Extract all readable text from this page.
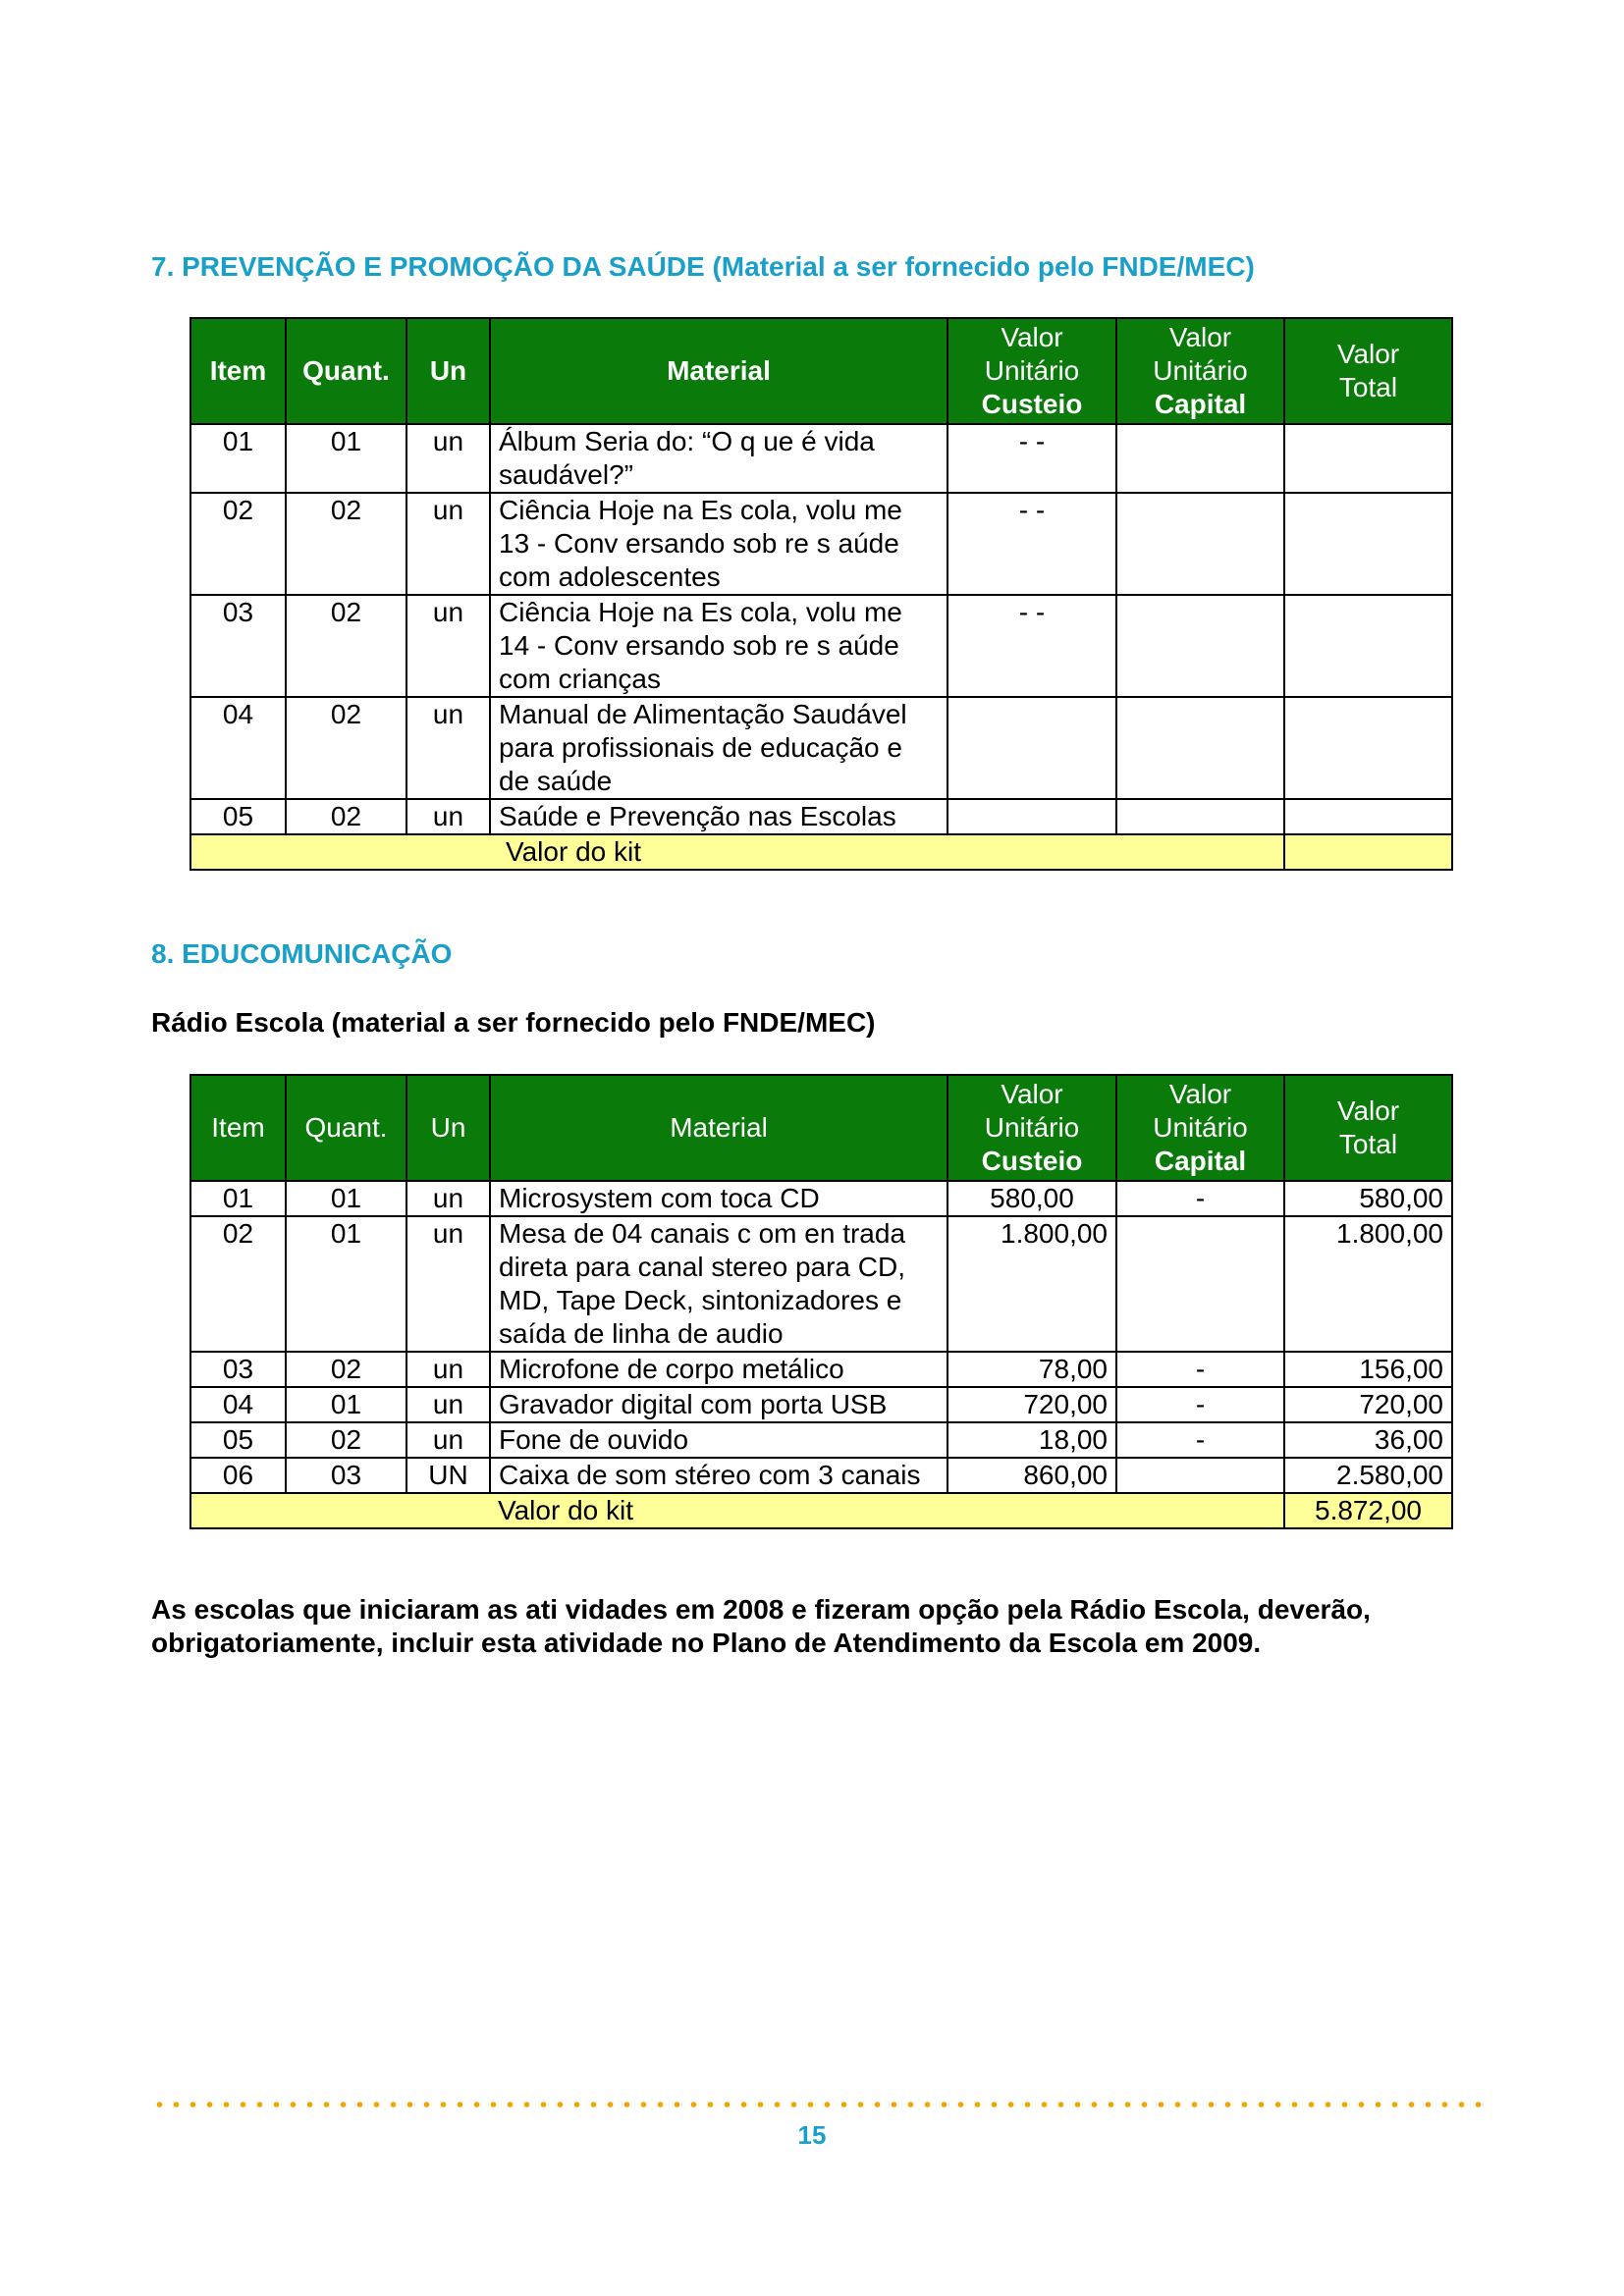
7. PREVENÇÃO E PROMOÇÃO DA SAÚDE (Material a ser fornecido pelo FNDE/MEC)
Item	Quant.	Un	Material	Valor
Unitário
Custeio	Valor
Unitário
Capital	Valor
Total

01	01	un	Álbum Seria do: “O q ue é vida saudável?”	- -		
02	02	un	Ciência Hoje na Es cola, volu me 13 - Conv ersando sob re s aúde com adolescentes	- -		
03	02	un	Ciência Hoje na Es cola, volu me 14 - Conv ersando sob re s aúde com crianças	- -		
04	02	un	Manual de Alimentação Saudável para profissionais de educação e de saúde			
05	02	un	Saúde e Prevenção nas Escolas			
Valor do kit						
8. EDUCOMUNICAÇÃO
Rádio Escola (material a ser fornecido pelo FNDE/MEC)
Item	Quant.	Un	Material	Valor
Unitário
Custeio	Valor
Unitário
Capital	Valor
Total

01	01	un	Microsystem com toca CD	580,00	-	580,00
02	01	un	Mesa de 04 canais c om en trada direta para canal stereo para CD, MD, Tape Deck, sintonizadores e saída de linha de audio	1.800,00		1.800,00
03	02	un	Microfone de corpo metálico	78,00	-	156,00
04	01	un	Gravador digital com porta USB	720,00	-	720,00
05	02	un	Fone de ouvido	18,00	-	36,00
06	03	UN	Caixa de som stéreo com 3 canais	860,00		2.580,00
Valor do kit						5.872,00
As escolas que iniciaram as ati vidades em 2008 e fizeram opção pela Rádio Escola, deverão, obrigatoriamente, incluir esta atividade no Plano de Atendimento da Escola em 2009.
15
